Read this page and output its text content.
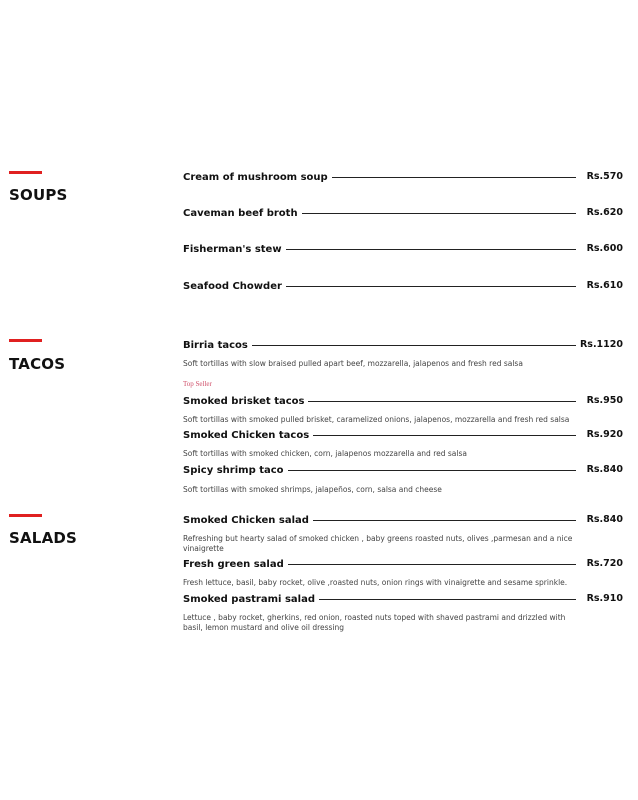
SOUPS
Cream of mushroom soup	Rs.570
Caveman beef broth	Rs.620
Fisherman's stew	Rs.600
Seafood Chowder	Rs.610
TACOS
Birria tacos	Rs.1120
Soft tortillas with slow braised pulled apart beef, mozzarella, jalapenos and fresh red salsa
Top Seller
Smoked brisket tacos	Rs.950
Soft tortillas with smoked pulled brisket, caramelized onions, jalapenos, mozzarella and fresh red salsa
Smoked Chicken tacos	Rs.920
Soft tortillas with smoked chicken, corn, jalapenos mozzarella and red salsa
Spicy shrimp taco	Rs.840
Soft tortillas with smoked shrimps, jalapeños, corn, salsa and cheese
SALADS
Smoked Chicken salad	Rs.840
Refreshing but hearty salad of smoked chicken , baby greens roasted nuts, olives ,parmesan and a nice vinaigrette
Fresh green salad	Rs.720
Fresh lettuce, basil, baby rocket, olive ,roasted nuts, onion rings with vinaigrette and sesame sprinkle.
Smoked pastrami salad	Rs.910
Lettuce , baby rocket, gherkins, red onion, roasted nuts toped with shaved pastrami and drizzled with basil, lemon mustard and olive oil dressing
